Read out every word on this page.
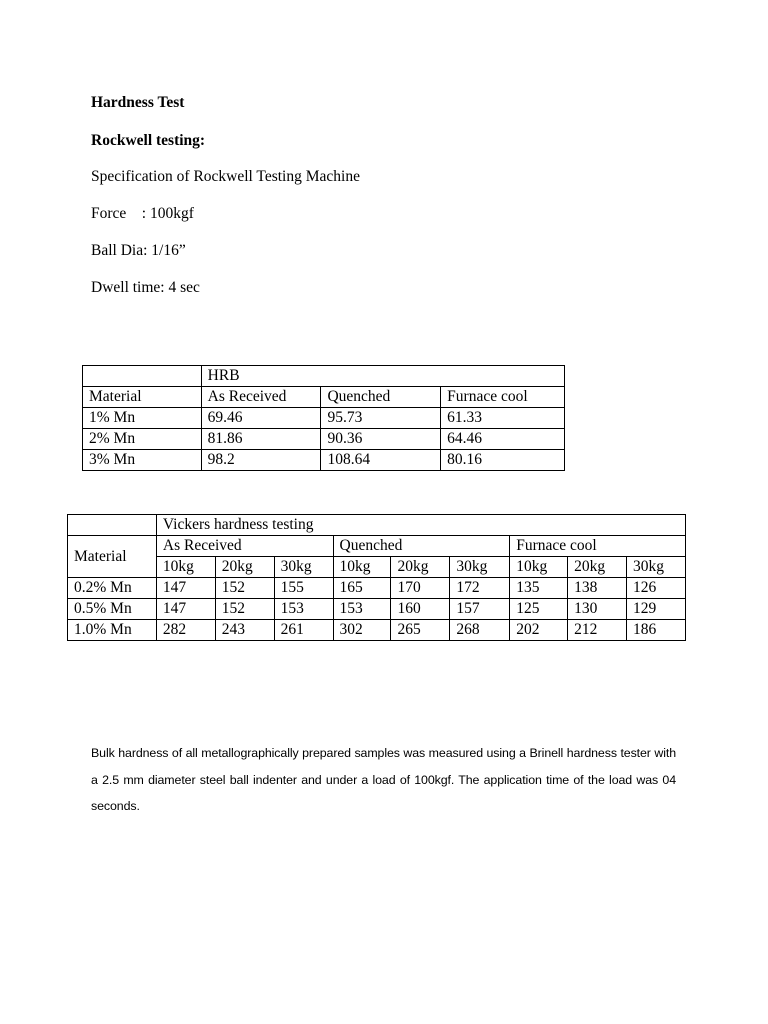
Hardness Test
Rockwell testing:
Specification of Rockwell Testing Machine
Force    : 100kgf
Ball Dia: 1/16”
Dwell time: 4 sec
	HRB		
Material	As Received	Quenched	Furnace cool
1% Mn	69.46	95.73	61.33
2% Mn	81.86	90.36	64.46
3% Mn	98.2	108.64	80.16
	Vickers hardness testing								
Material	As Received			Quenched			Furnace cool		
	10kg	20kg	30kg	10kg	20kg	30kg	10kg	20kg	30kg
0.2% Mn	147	152	155	165	170	172	135	138	126
0.5% Mn	147	152	153	153	160	157	125	130	129
1.0% Mn	282	243	261	302	265	268	202	212	186
Bulk hardness of all metallographically prepared samples was measured using a Brinell hardness tester with a 2.5 mm diameter steel ball indenter and under a load of 100kgf. The application time of the load was 04 seconds.
